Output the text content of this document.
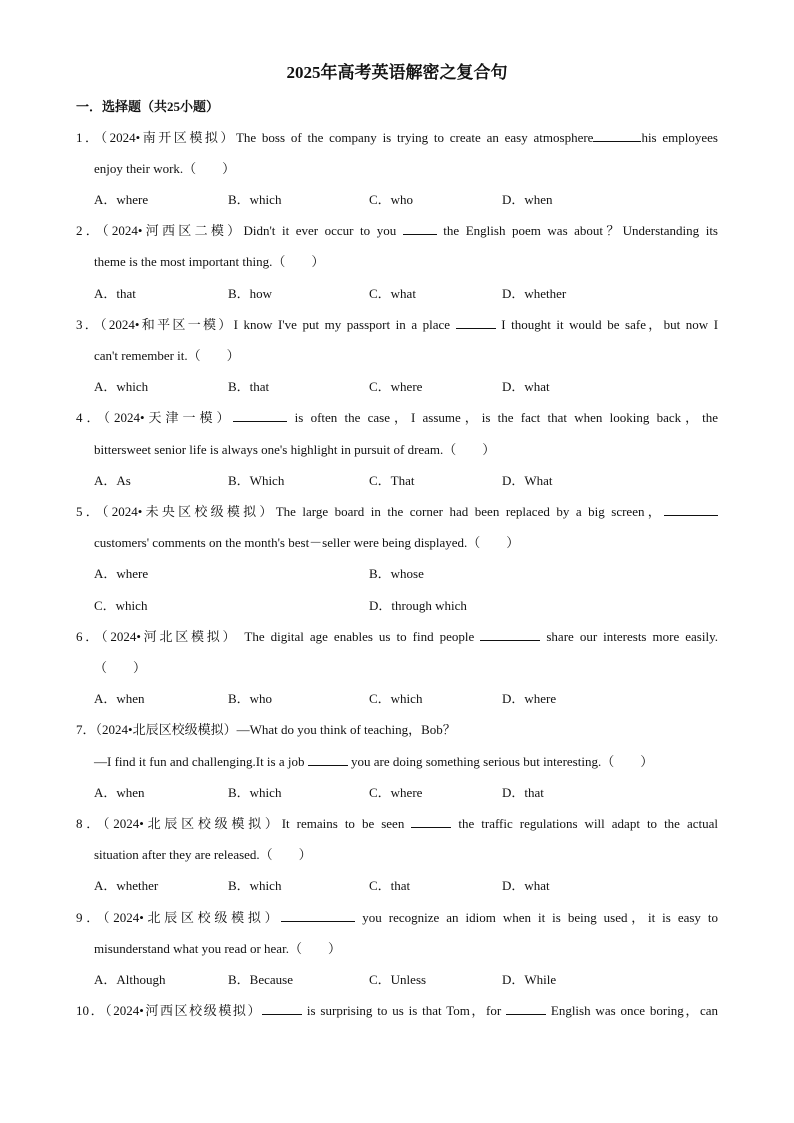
2025年高考英语解密之复合句
一．选择题（共25小题）
1．（2024•南开区模拟）The boss of the company is trying to create an easy atmosphere	his employees
enjoy their work.（　　）
A．where	B．which	C．who	D．when
2．（2024•河西区二模）Didn't it ever occur to you	the English poem was about？Understanding its
theme is the most important thing.（　　）
A．that	B．how	C．what	D．whether
3．（2024•和平区一模）I know I've put my passport in a place	I thought it would be safe，but now I
can't remember it.（　　）
A．which	B．that	C．where	D．what
4．（2024•天津一模）	is often the case，I assume，is the fact that when looking back，the
bittersweet senior life is always one's highlight in pursuit of dream.（　　）
A．As	B．Which	C．That	D．What
5．（2024•未央区校级模拟）The large board in the corner had been replaced by a big screen，
customers' comments on the month's best－seller were being displayed.（　　）
A．where	B．whose
C．which	D．through which
6．（2024•河北区模拟） The digital age enables us to find people	share our interests more easily.
（　　）
A．when	B．who	C．which	D．where
7．（2024•北辰区校级模拟）—What do you think of teaching，Bob？
—I find it fun and challenging.It is a job	you are doing something serious but interesting.（　　）
A．when	B．which	C．where	D．that
8．（2024•北辰区校级模拟）It remains to be seen	the traffic regulations will adapt to the actual
situation after they are released.（　　）
A．whether	B．which	C．that	D．what
9．（2024•北辰区校级模拟）	you recognize an idiom when it is being used，it is easy to
misunderstand what you read or hear.（　　）
A．Although	B．Because	C．Unless	D．While
10．（2024•河西区校级模拟）	is surprising to us is that Tom，for	English was once boring，can
